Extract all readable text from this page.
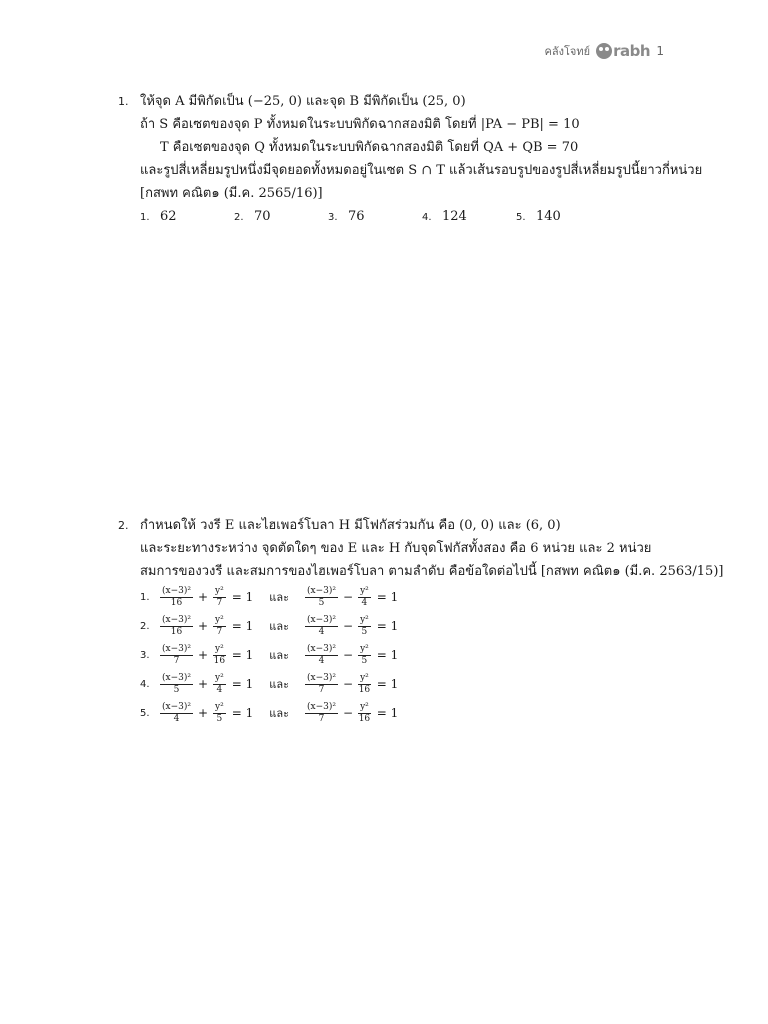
คลังโจทย์ rabh 1
1. ให้จุด A มีพิกัดเป็น (−25, 0) และจุด B มีพิกัดเป็น (25, 0)
ถ้า S คือเซตของจุด P ทั้งหมดในระบบพิกัดฉากสองมิติ โดยที่ |PA − PB| = 10
T คือเซตของจุด Q ทั้งหมดในระบบพิกัดฉากสองมิติ โดยที่ QA + QB = 70
และรูปสี่เหลี่ยมรูปหนึ่งมีจุดยอดทั้งหมดอยู่ในเซต S ∩ T แล้วเส้นรอบรูปของรูปสี่เหลี่ยมรูปนี้ยาวกี่หน่วย
[กสพท คณิต๑ (มี.ค. 2565/16)]
1. 62	2. 70	3. 76	4. 124	5. 140
2. กำหนดให้ วงรี E และไฮเพอร์โบลา H มีโฟกัสร่วมกัน คือ (0, 0) และ (6, 0)
และระยะทางระหว่าง จุดตัดใดๆ ของ E และ H กับจุดโฟกัสทั้งสอง คือ 6 หน่วย และ 2 หน่วย
สมการของวงรี และสมการของไฮเพอร์โบลา ตามลำดับ คือข้อใดต่อไปนี้ [กสพท คณิต๑ (มี.ค. 2563/15)]
1.	$\frac{\text{(x−3)²}}{16} + \frac{\text{y²}}{7} = 1$ และ $\frac{\text{(x−3)²}}{5} - \frac{\text{y²}}{4} = 1$
2.	$\frac{\text{(x−3)²}}{16} + \frac{\text{y²}}{7} = 1$ และ $\frac{\text{(x−3)²}}{4} - \frac{\text{y²}}{5} = 1$
3.	$\frac{\text{(x−3)²}}{7} + \frac{\text{y²}}{16} = 1$ และ $\frac{\text{(x−3)²}}{4} - \frac{\text{y²}}{5} = 1$
4.	$\frac{\text{(x−3)²}}{5} + \frac{\text{y²}}{4} = 1$ และ $\frac{\text{(x−3)²}}{7} - \frac{\text{y²}}{16} = 1$
5.	$\frac{\text{(x−3)²}}{4} + \frac{\text{y²}}{5} = 1$ และ $\frac{\text{(x−3)²}}{7} - \frac{\text{y²}}{16} = 1$
